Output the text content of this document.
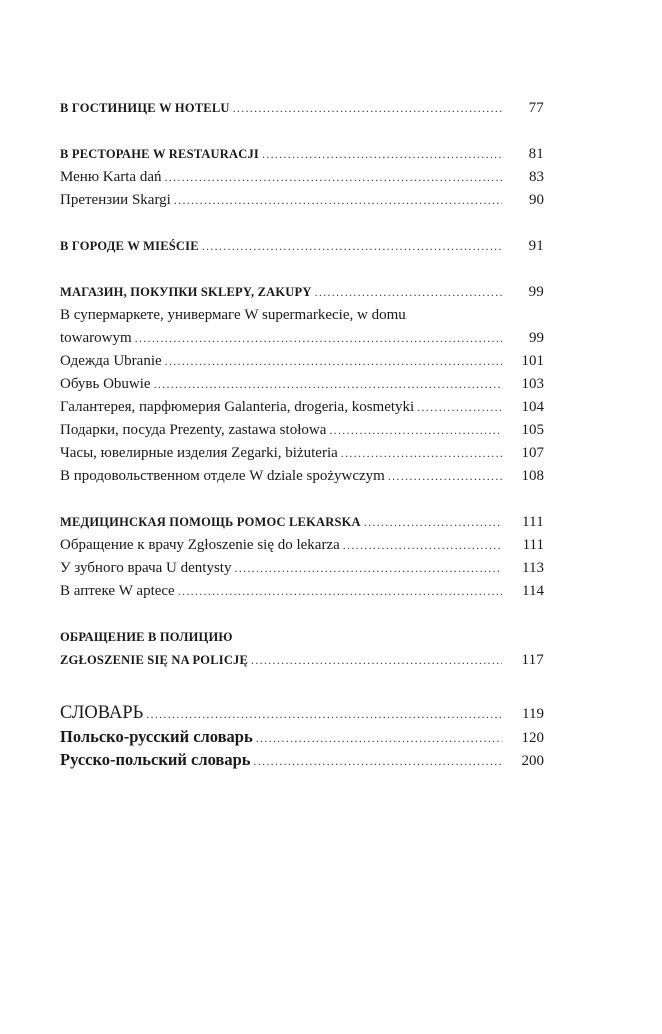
В ГОСТИНИЦЕ W HOTELU .....	77
В РЕСТОРАНЕ W RESTAURACJI .....	81
Меню Karta dań .....	83
Претензии Skargi .....	90
В ГОРОДЕ W MIEŚCIE .....	91
МАГАЗИН, ПОКУПКИ SKLEPY, ZAKUPY .....	99
В супермаркете, универмаге W supermarkecie, w domu
towarowym .....	99
Одежда Ubranie .....	101
Обувь Obuwie .....	103
Галантерея, парфюмерия Galanteria, drogeria, kosmetyki .....	104
Подарки, посуда Prezenty, zastawa stołowa .....	105
Часы, ювелирные изделия Zegarki, biżuteria .....	107
В продовольственном отделе W dziale spożywczym .....	108
МЕДИЦИНСКАЯ ПОМОЩЬ POMOC LEKARSKA .....	111
Обращение к врачу Zgłoszenie się do lekarza .....	111
У зубного врача U dentysty .....	113
В аптеке W aptece .....	114
ОБРАЩЕНИЕ В ПОЛИЦИЮ
ZGŁOSZENIE SIĘ NA POLICJĘ .....	117
СЛОВАРЬ .....	119
Польско-русский словарь .....	120
Русско-польский словарь .....	200
